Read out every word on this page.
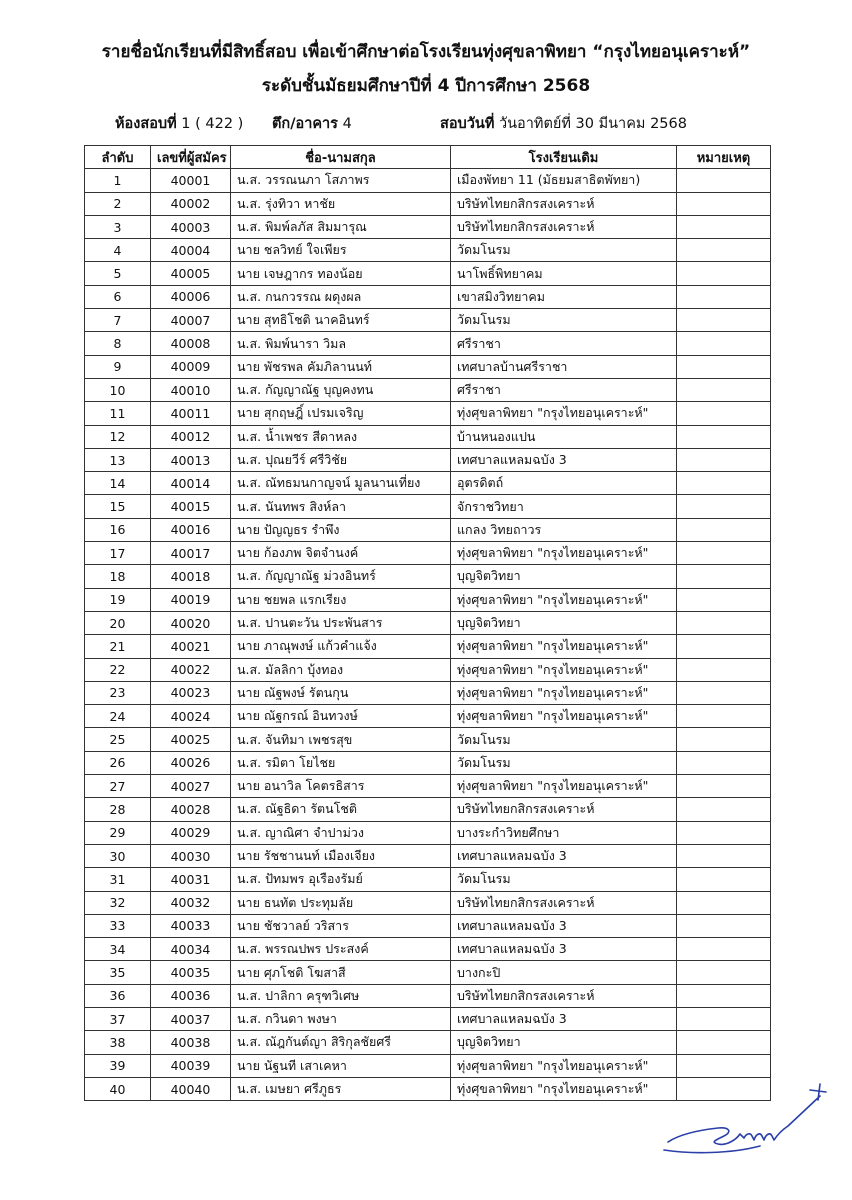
รายชื่อนักเรียนที่มีสิทธิ์สอบ เพื่อเข้าศึกษาต่อโรงเรียนทุ่งศุขลาพิทยา “กรุงไทยอนุเคราะห์”
ระดับชั้นมัธยมศึกษาปีที่ 4 ปีการศึกษา 2568
ห้องสอบที่ 1 ( 422 ) ตึก/อาคาร 4	สอบวันที่ วันอาทิตย์ที่ 30 มีนาคม 2568
ลำดับ	เลขที่ผู้สมัคร	ชื่อ-นามสกุล	โรงเรียนเดิม	หมายเหตุ
1	40001	น.ส. วรรณนภา โสภาพร	เมืองพัทยา 11 (มัธยมสาธิตพัทยา)	
2	40002	น.ส. รุ่งทิวา หาชัย	บริษัทไทยกสิกรสงเคราะห์	
3	40003	น.ส. พิมพ์ลภัส สิมมารุณ	บริษัทไทยกสิกรสงเคราะห์	
4	40004	นาย ชลวิทย์ ใจเพียร	วัดมโนรม	
5	40005	นาย เจษฎากร ทองน้อย	นาโพธิ์พิทยาคม	
6	40006	น.ส. กนกวรรณ ผดุงผล	เขาสมิงวิทยาคม	
7	40007	นาย สุทธิโชติ นาคอินทร์	วัดมโนรม	
8	40008	น.ส. พิมพ์นารา วิมล	ศรีราชา	
9	40009	นาย พัชรพล คัมภิลานนท์	เทศบาลบ้านศรีราชา	
10	40010	น.ส. กัญญาณัฐ บุญคงทน	ศรีราชา	
11	40011	นาย สุกฤษฎิ์ เปรมเจริญ	ทุ่งศุขลาพิทยา "กรุงไทยอนุเคราะห์"	
12	40012	น.ส. น้ำเพชร สีดาหลง	บ้านหนองแปน	
13	40013	น.ส. ปุณยวีร์ ศรีวิชัย	เทศบาลแหลมฉบัง 3	
14	40014	น.ส. ณัทธมนกาญจน์ มูลนานเที่ยง	อุตรดิตถ์	
15	40015	น.ส. นันทพร สิงห์ลา	จักราชวิทยา	
16	40016	นาย ปัญญธร รำพึง	แกลง วิทยถาวร	
17	40017	นาย ก้องภพ จิตจำนงค์	ทุ่งศุขลาพิทยา "กรุงไทยอนุเคราะห์"	
18	40018	น.ส. กัญญาณัฐ ม่วงอินทร์	บุญจิตวิทยา	
19	40019	นาย ชยพล แรกเรียง	ทุ่งศุขลาพิทยา "กรุงไทยอนุเคราะห์"	
20	40020	น.ส. ปานตะวัน ประพันสาร	บุญจิตวิทยา	
21	40021	นาย ภาณุพงษ์ แก้วคำแจ้ง	ทุ่งศุขลาพิทยา "กรุงไทยอนุเคราะห์"	
22	40022	น.ส. มัลลิกา บุ้งทอง	ทุ่งศุขลาพิทยา "กรุงไทยอนุเคราะห์"	
23	40023	นาย ณัฐพงษ์ รัตนกุน	ทุ่งศุขลาพิทยา "กรุงไทยอนุเคราะห์"	
24	40024	นาย ณัฐกรณ์ อินทวงษ์	ทุ่งศุขลาพิทยา "กรุงไทยอนุเคราะห์"	
25	40025	น.ส. จันทิมา เพชรสุข	วัดมโนรม	
26	40026	น.ส. รมิตา โยไชย	วัดมโนรม	
27	40027	นาย อนาวิล โคตรธิสาร	ทุ่งศุขลาพิทยา "กรุงไทยอนุเคราะห์"	
28	40028	น.ส. ณัฐธิดา รัตนโชติ	บริษัทไทยกสิกรสงเคราะห์	
29	40029	น.ส. ญาณิศา จำปาม่วง	บางระกำวิทยศึกษา	
30	40030	นาย รัชชานนท์ เมืองเจียง	เทศบาลแหลมฉบัง 3	
31	40031	น.ส. ปัทมพร อุเรืองรัมย์	วัดมโนรม	
32	40032	นาย ธนทัต ประทุมลัย	บริษัทไทยกสิกรสงเคราะห์	
33	40033	นาย ชัชวาลย์ วริสาร	เทศบาลแหลมฉบัง 3	
34	40034	น.ส. พรรณปพร ประสงค์	เทศบาลแหลมฉบัง 3	
35	40035	นาย ศุภโชติ โฆสาสี	บางกะปิ	
36	40036	น.ส. ปาลิกา ครุฑวิเศษ	บริษัทไทยกสิกรสงเคราะห์	
37	40037	น.ส. กวินดา พงษา	เทศบาลแหลมฉบัง 3	
38	40038	น.ส. ณัฎกันต์ญา สิริกุลชัยศรี	บุญจิตวิทยา	
39	40039	นาย นัฐนที เสาเคหา	ทุ่งศุขลาพิทยา "กรุงไทยอนุเคราะห์"	
40	40040	น.ส. เมษยา ศรีภูธร	ทุ่งศุขลาพิทยา "กรุงไทยอนุเคราะห์"	
